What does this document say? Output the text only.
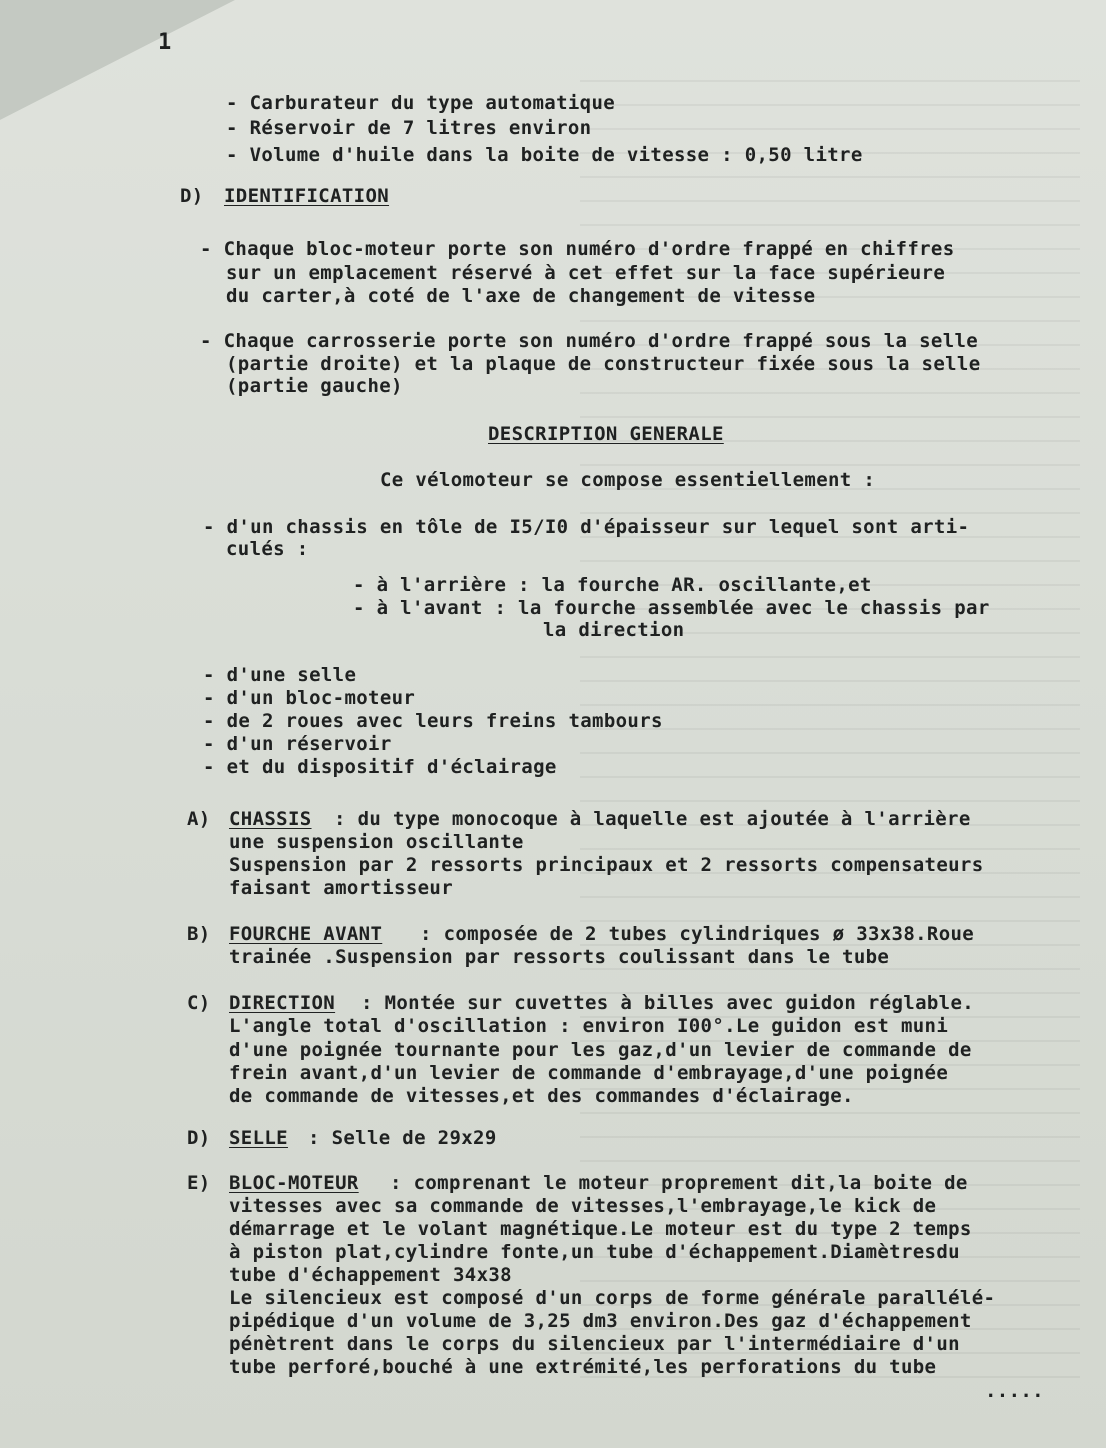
1
- Carburateur du type automatique
- Réservoir de 7 litres environ
- Volume d'huile dans la boite de vitesse : 0,50 litre
D) IDENTIFICATION
- Chaque bloc-moteur porte son numéro d'ordre frappé en chiffres
sur un emplacement réservé à cet effet sur la face supérieure
du carter,à coté de l'axe de changement de vitesse
- Chaque carrosserie porte son numéro d'ordre frappé sous la selle
(partie droite) et la plaque de constructeur fixée sous la selle
(partie gauche)
DESCRIPTION GENERALE
Ce vélomoteur se compose essentiellement :
- d'un chassis en tôle de I5/I0 d'épaisseur sur lequel sont arti-
culés :
- à l'arrière : la fourche AR. oscillante,et
- à l'avant : la fourche assemblée avec le chassis par
la direction
- d'une selle
- d'un bloc-moteur
- de 2 roues avec leurs freins tambours
- d'un réservoir
- et du dispositif d'éclairage
A) CHASSIS : du type monocoque à laquelle est ajoutée à l'arrière
une suspension oscillante
Suspension par 2 ressorts principaux et 2 ressorts compensateurs
faisant amortisseur
B) FOURCHE AVANT : composée de 2 tubes cylindriques ø 33x38.Roue
trainée .Suspension par ressorts coulissant dans le tube
C) DIRECTION : Montée sur cuvettes à billes avec guidon réglable.
L'angle total d'oscillation : environ I00°.Le guidon est muni
d'une poignée tournante pour les gaz,d'un levier de commande de
frein avant,d'un levier de commande d'embrayage,d'une poignée
de commande de vitesses,et des commandes d'éclairage.
D) SELLE : Selle de 29x29
E) BLOC-MOTEUR : comprenant le moteur proprement dit,la boite de
vitesses avec sa commande de vitesses,l'embrayage,le kick de
démarrage et le volant magnétique.Le moteur est du type 2 temps
à piston plat,cylindre fonte,un tube d'échappement.Diamètresdu
tube d'échappement 34x38
Le silencieux est composé d'un corps de forme générale parallélé-
pipédique d'un volume de 3,25 dm3 environ.Des gaz d'échappement
pénètrent dans le corps du silencieux par l'intermédiaire d'un
tube perforé,bouché à une extrémité,les perforations du tube
.....
